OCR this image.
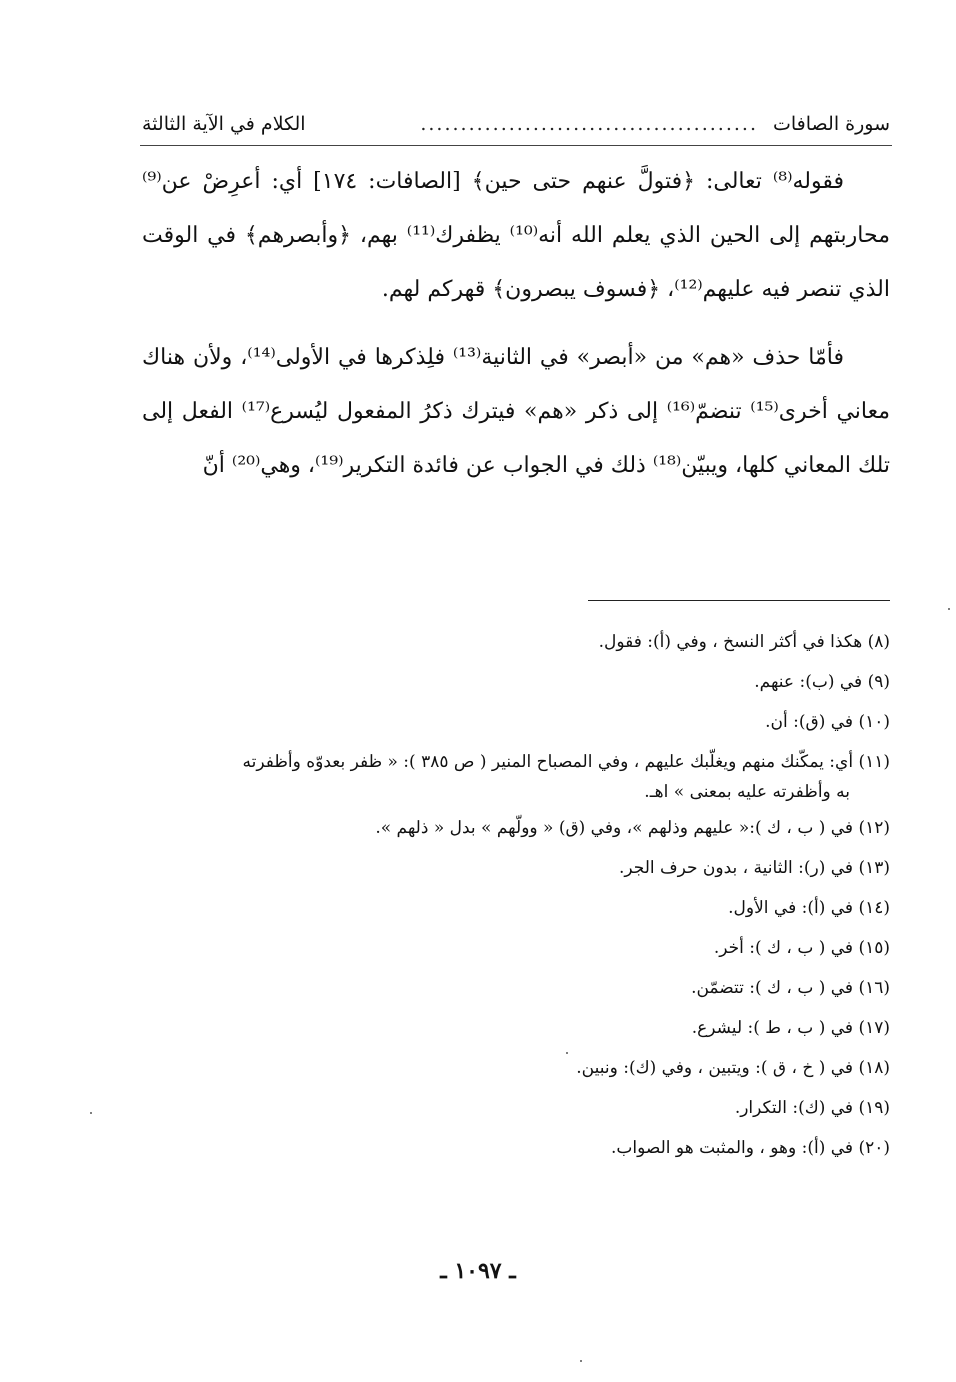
سورة الصافات
..........................................
الكلام في الآية الثالثة

فقوله⁽⁸⁾ تعالى: ﴿فتولَّ عنهم حتى حين﴾ [الصافات: ١٧٤] أي: أعرِضْ عن⁽⁹⁾ محاربتهم إلى الحين الذي يعلم الله أنه⁽¹⁰⁾ يظفرك⁽¹¹⁾ بهم، ﴿وأبصرهم﴾ في الوقت الذي تنصر فيه عليهم⁽¹²⁾، ﴿فسوف يبصرون﴾ قهركم لهم.

فأمّا حذف «هم» من «أبصر» في الثانية⁽¹³⁾ فلِذكرها في الأولى⁽¹⁴⁾، ولأن هناك معاني أخرى⁽¹⁵⁾ تنضمّ⁽¹⁶⁾ إلى ذكر «هم» فيترك ذكرُ المفعول ليُسرع⁽¹⁷⁾ الفعل إلى تلك المعاني كلها، ويبيّن⁽¹⁸⁾ ذلك في الجواب عن فائدة التكرير⁽¹⁹⁾، وهي⁽²⁰⁾ أنّ

(٨) هكذا في أكثر النسخ ، وفي (أ): فقول.
(٩) في (ب): عنهم.
(١٠) في (ق): أن.
(١١) أي: يمكّنك منهم ويغلّبك عليهم ، وفي المصباح المنير ( ص ٣٨٥ ): « ظفر بعدوّه وأظفرته
به وأظفرته عليه بمعنى » اهـ.
(١٢) في ( ب ، ك ):« عليهم وذلهم »، وفي (ق) « وولّهم » بدل « ذلهم ».
(١٣) في (ر): الثانية ، بدون حرف الجر.
(١٤) في (أ): في الأول.
(١٥) في ( ب ، ك ): أخر.
(١٦) في ( ب ، ك ): تتضمّن.
(١٧) في ( ب ، ط ): ليشرع.
(١٨) في ( خ ، ق ): ويتبين ، وفي (ك): ونبين.
(١٩) في (ك): التكرار.
(٢٠) في (أ): وهو ، والمثبت هو الصواب.
ـ ١٠٩٧ ـ
